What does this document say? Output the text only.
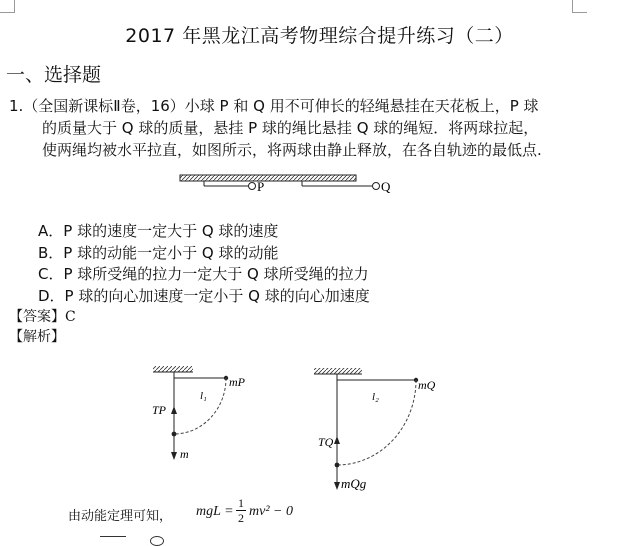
2017 年黑龙江高考物理综合提升练习（二）
一、选择题
1.（全国新课标Ⅱ卷，16）小球 P 和 Q 用不可伸长的轻绳悬挂在天花板上，P 球
的质量大于 Q 球的质量，悬挂 P 球的绳比悬挂 Q 球的绳短．将两球拉起，
使两绳均被水平拉直，如图所示，将两球由静止释放，在各自轨迹的最低点.
P	Q
A．P 球的速度一定大于 Q 球的速度
B．P 球的动能一定小于 Q 球的动能
C．P 球所受绳的拉力一定大于 Q 球所受绳的拉力
D．P 球的向心加速度一定小于 Q 球的向心加速度
【答案】C
【解析】
mP
l₁
TP
m
mQ
l₂
TQ
mQg
由动能定理可知， mgL =
1
2 mv² − 0
